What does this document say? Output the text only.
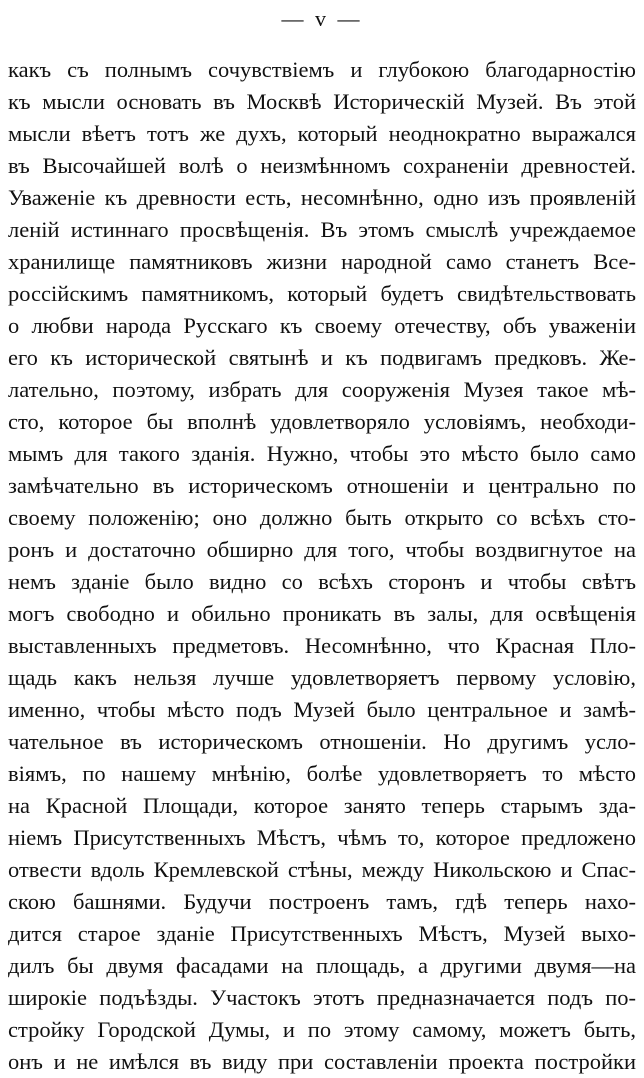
— v —
какъ съ полнымъ сочувствіемъ и глубокою благодарностію
къ мысли основать въ Москвѣ Историческій Музей. Въ этой
мысли вѣетъ тотъ же духъ, который неоднократно выражался
въ Высочайшей волѣ о неизмѣнномъ сохраненіи древностей.
Уваженіе къ древности есть, несомнѣнно, одно изъ проявленій
леній истиннаго просвѣщенія. Въ этомъ смыслѣ учреждаемое
хранилище памятниковъ жизни народной само станетъ Все-
россійскимъ памятникомъ, который будетъ свидѣтельствовать
о любви народа Русскаго къ своему отечеству, объ уваженіи
его къ исторической святынѣ и къ подвигамъ предковъ. Же-
лательно, поэтому, избрать для сооруженія Музея такое мѣ-
сто, которое бы вполнѣ удовлетворяло условіямъ, необходи-
мымъ для такого зданія. Нужно, чтобы это мѣсто было само
замѣчательно въ историческомъ отношеніи и центрально по
своему положенію; оно должно быть открыто со всѣхъ сто-
ронъ и достаточно обширно для того, чтобы воздвигнутое на
немъ зданіе было видно со всѣхъ сторонъ и чтобы свѣтъ
могъ свободно и обильно проникать въ залы, для освѣщенія
выставленныхъ предметовъ. Несомнѣнно, что Красная Пло-
щадь какъ нельзя лучше удовлетворяетъ первому условію,
именно, чтобы мѣсто подъ Музей было центральное и замѣ-
чательное въ историческомъ отношеніи. Но другимъ усло-
віямъ, по нашему мнѣнію, болѣе удовлетворяетъ то мѣсто
на Красной Площади, которое занято теперь старымъ зда-
ніемъ Присутственныхъ Мѣстъ, чѣмъ то, которое предложено
отвести вдоль Кремлевской стѣны, между Никольскою и Спас-
скою башнями. Будучи построенъ тамъ, гдѣ теперь нахо-
дится старое зданіе Присутственныхъ Мѣстъ, Музей выхо-
дилъ бы двумя фасадами на площадь, а другими двумя—на
широкіе подъѣзды. Участокъ этотъ предназначается подъ по-
стройку Городской Думы, и по этому самому, можетъ быть,
онъ и не имѣлся въ виду при составленіи проекта постройки
